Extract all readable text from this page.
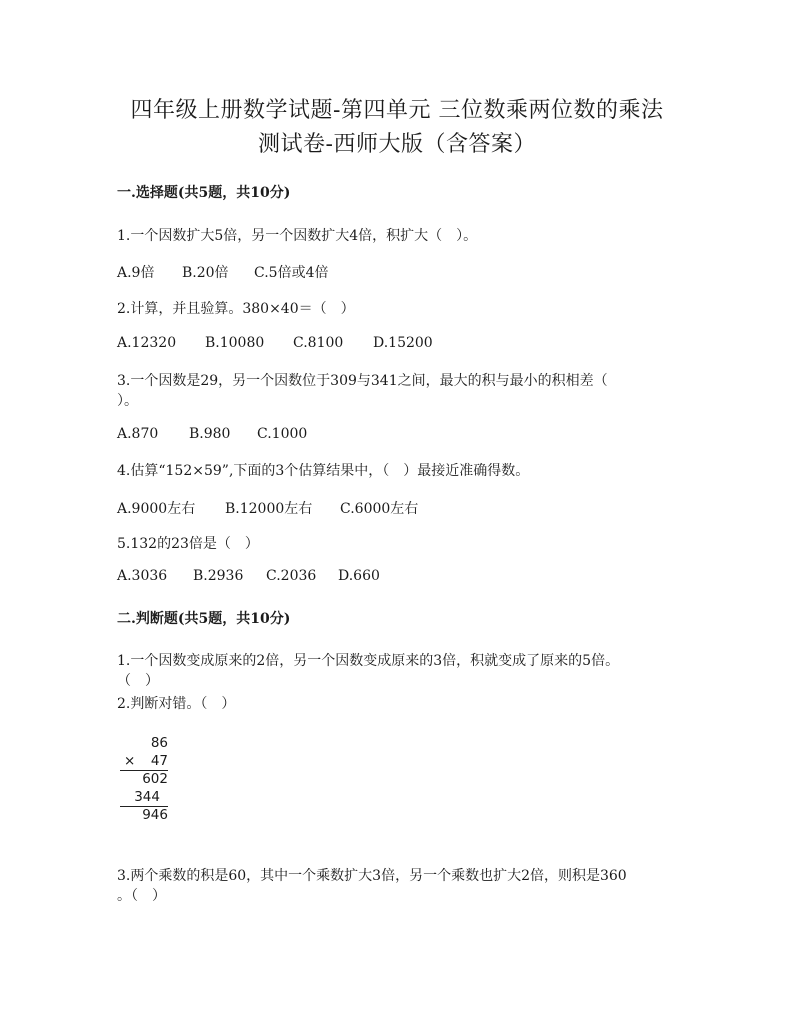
四年级上册数学试题-第四单元 三位数乘两位数的乘法
测试卷-西师大版（含答案）
一.选择题(共5题，共10分)
1.一个因数扩大5倍，另一个因数扩大4倍，积扩大（　）。
A.9倍 B.20倍 C.5倍或4倍
2.计算，并且验算。380×40＝（　）
A.12320 B.10080 C.8100 D.15200
3.一个因数是29，另一个因数位于309与341之间，最大的积与最小的积相差（
）。
A.870 B.980 C.1000
4.估算“152×59”,下面的3个估算结果中，（　）最接近准确得数。
A.9000左右 B.12000左右 C.6000左右
5.132的23倍是（　）
A.3036 B.2936 C.2036 D.660
二.判断题(共5题，共10分)
1.一个因数变成原来的2倍，另一个因数变成原来的3倍，积就变成了原来的5倍。
（　）
2.判断对错。（　）
86
× 47
602
344
946
3.两个乘数的积是60，其中一个乘数扩大3倍，另一个乘数也扩大2倍，则积是360
。（　）
